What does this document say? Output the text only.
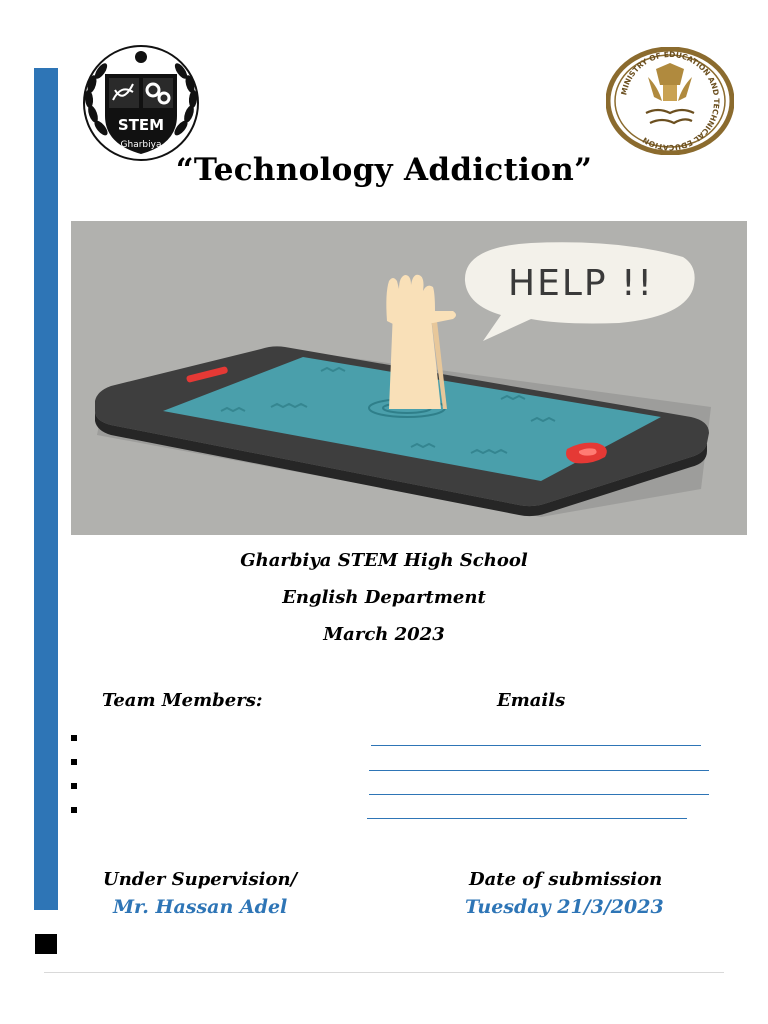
STEM
Gharbiya
MINISTRY OF EDUCATION AND TECHNICAL EDUCATION
“Technology Addiction”
HELP !!
Gharbiya STEM High School
English Department
March 2023
Team Members:	Emails
Under Supervision/
Mr. Hassan Adel
Date of submission
Tuesday 21/3/2023
